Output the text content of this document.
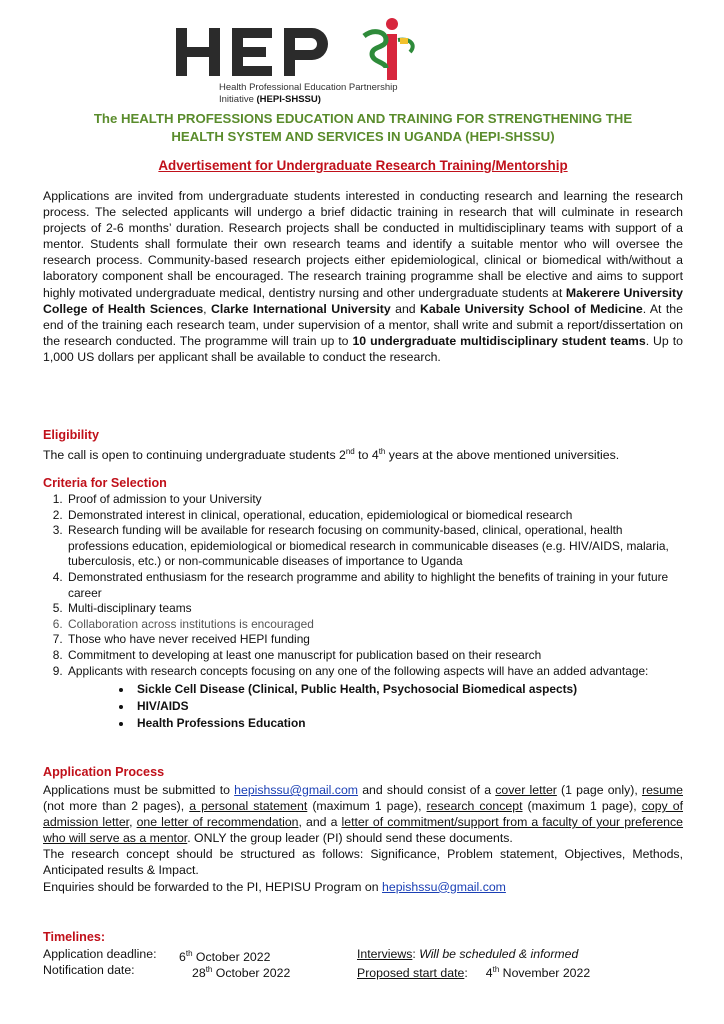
Health Professional Education Partnership
Initiative (HEPI-SHSSU)
The HEALTH PROFESSIONS EDUCATION AND TRAINING FOR STRENGTHENING THE
HEALTH SYSTEM AND SERVICES IN UGANDA (HEPI-SHSSU)
Advertisement for Undergraduate Research Training/Mentorship
Applications are invited from undergraduate students interested in conducting research and learning the research process. The selected applicants will undergo a brief didactic training in research that will culminate in research projects of 2-6 months’ duration. Research projects shall be conducted in multidisciplinary teams with support of a mentor. Students shall formulate their own research teams and identify a suitable mentor who will oversee the research process. Community-based research projects either epidemiological, clinical or biomedical with/without a laboratory component shall be encouraged. The research training programme shall be elective and aims to support highly motivated undergraduate medical, dentistry nursing and other undergraduate students at Makerere University College of Health Sciences, Clarke International University and Kabale University School of Medicine. At the end of the training each research team, under supervision of a mentor, shall write and submit a report/dissertation on the research conducted. The programme will train up to 10 undergraduate multidisciplinary student teams. Up to 1,000 US dollars per applicant shall be available to conduct the research.
Eligibility
The call is open to continuing undergraduate students 2nd to 4th years at the above mentioned universities.
Criteria for Selection
1. Proof of admission to your University
2. Demonstrated interest in clinical, operational, education, epidemiological or biomedical research
3. Research funding will be available for research focusing on community-based, clinical, operational, health professions education, epidemiological or biomedical research in communicable diseases (e.g. HIV/AIDS, malaria, tuberculosis, etc.) or non-communicable diseases of importance to Uganda
4. Demonstrated enthusiasm for the research programme and ability to highlight the benefits of training in your future career
5. Multi-disciplinary teams
6. Collaboration across institutions is encouraged
7. Those who have never received HEPI funding
8. Commitment to developing at least one manuscript for publication based on their research
9. Applicants with research concepts focusing on any one of the following aspects will have an added advantage:
• Sickle Cell Disease (Clinical, Public Health, Psychosocial Biomedical aspects)
• HIV/AIDS
• Health Professions Education
Application Process
Applications must be submitted to hepishssu@gmail.com and should consist of a cover letter (1 page only), resume (not more than 2 pages), a personal statement (maximum 1 page), research concept (maximum 1 page), copy of admission letter, one letter of recommendation, and a letter of commitment/support from a faculty of your preference who will serve as a mentor. ONLY the group leader (PI) should send these documents.
The research concept should be structured as follows: Significance, Problem statement, Objectives, Methods, Anticipated results & Impact.
Enquiries should be forwarded to the PI, HEPISU Program on hepishssu@gmail.com
Timelines:
Application deadline: 6th October 2022	Interviews: Will be scheduled & informed
Notification date:	28th October 2022	Proposed start date: 4th November 2022
